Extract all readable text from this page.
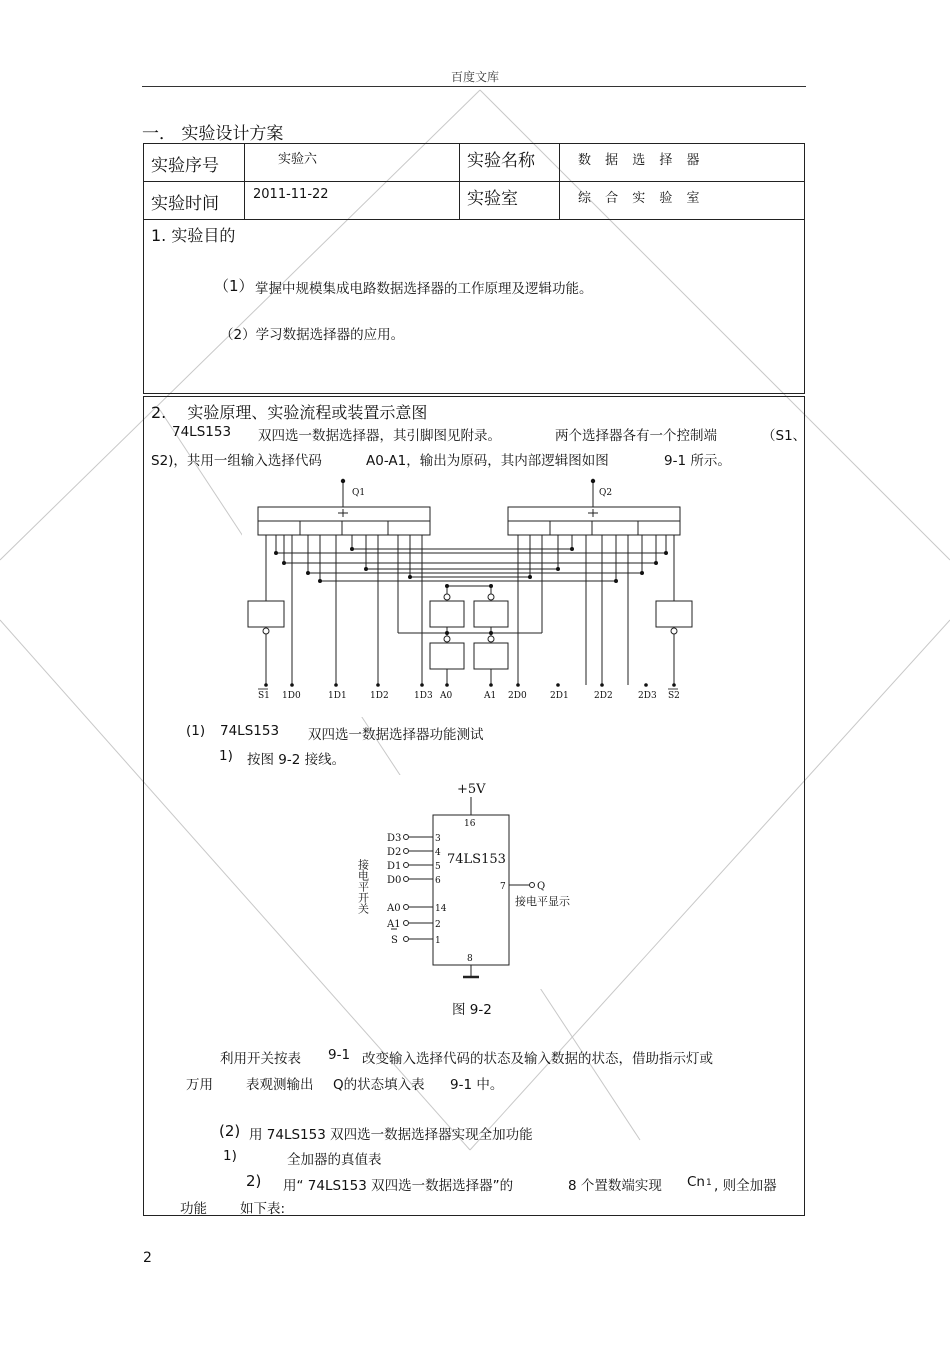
百度文库
一． 实验设计方案
实验序号	实验六	实验名称	数 据 选 择 器
实验时间	2011-11-22	实验室	综 合 实 验 室
1. 实验目的
（1） 掌握中规模集成电路数据选择器的工作原理及逻辑功能。
（2）学习数据选择器的应用。
2.　 实验原理、实验流程或装置示意图
74LS153 双四选一数据选择器，其引脚图见附录。	两个选择器各有一个控制端	（S1、
S2)，共用一组输入选择代码	A0-A1，输出为原码，其内部逻辑图如图	9-1 所示。
Q1	Q2
S1 1D0	1D1	1D2	1D3 A0	A1 2D0	2D1	2D2	2D3 S2
(1) 74LS153 双四选一数据选择器功能测试
1) 按图 9-2 接线。
+5V
16
74LS153
D3
D2
D1
D0
3
4
5
6
A0
A1
S
14
2
1
7	Q
接电平显示
8
接电平开关
图 9-2
利用开关按表 9-1 改变输入选择代码的状态及输入数据的状态，借助指示灯或
万用 表观测输出 Q的状态填入表 9-1 中。
(2) 用 74LS153 双四选一数据选择器实现全加功能
1)	全加器的真值表
2) 用“ 74LS153 双四选一数据选择器”的	8 个置数端实现 Cn 1 , 则全加器
功能 如下表:
2
